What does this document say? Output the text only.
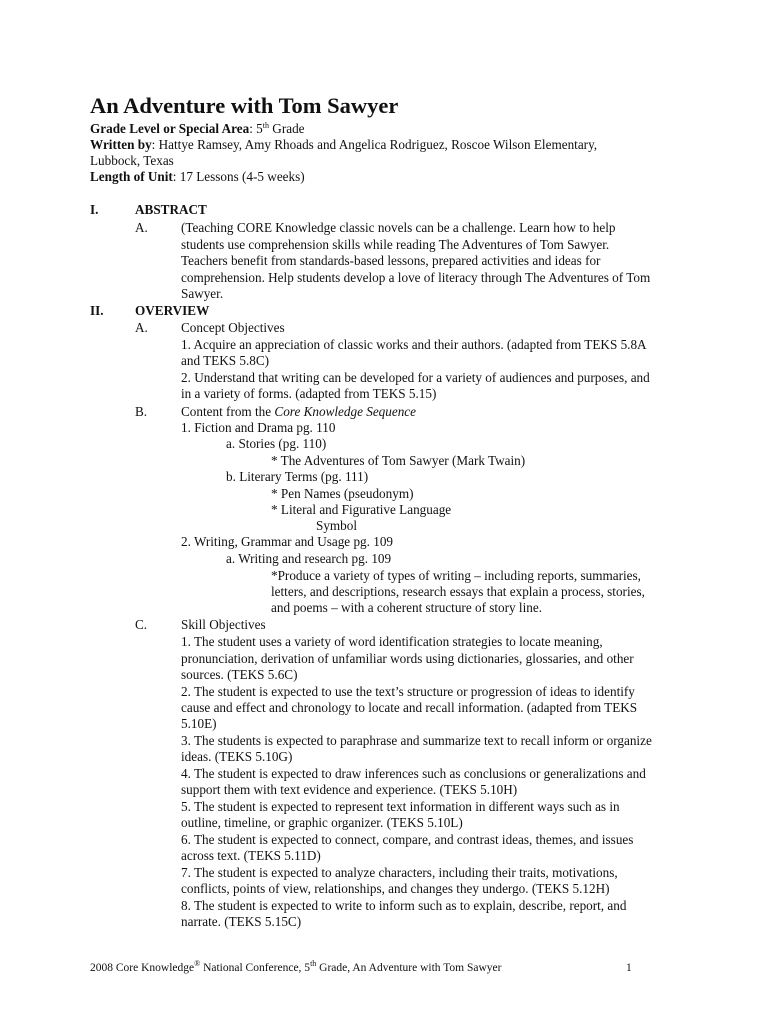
An Adventure with Tom Sawyer
Grade Level or Special Area: 5th Grade
Written by: Hattye Ramsey, Amy Rhoads and Angelica Rodriguez, Roscoe Wilson Elementary,
Lubbock, Texas
Length of Unit: 17 Lessons (4-5 weeks)
I.	ABSTRACT
A.	(Teaching CORE Knowledge classic novels can be a challenge. Learn how to help
students use comprehension skills while reading The Adventures of Tom Sawyer.
Teachers benefit from standards-based lessons, prepared activities and ideas for
comprehension. Help students develop a love of literacy through The Adventures of Tom
Sawyer.
II. OVERVIEW
A.	Concept Objectives
1. Acquire an appreciation of classic works and their authors. (adapted from TEKS 5.8A
and TEKS 5.8C)
2. Understand that writing can be developed for a variety of audiences and purposes, and
in a variety of forms. (adapted from TEKS 5.15)
B.	Content from the Core Knowledge Sequence
1. Fiction and Drama pg. 110
a. Stories (pg. 110)
* The Adventures of Tom Sawyer (Mark Twain)
b. Literary Terms (pg. 111)
* Pen Names (pseudonym)
* Literal and Figurative Language
Symbol
2. Writing, Grammar and Usage pg. 109
a. Writing and research pg. 109
*Produce a variety of types of writing – including reports, summaries,
letters, and descriptions, research essays that explain a process, stories,
and poems – with a coherent structure of story line.
C.	Skill Objectives
1. The student uses a variety of word identification strategies to locate meaning,
pronunciation, derivation of unfamiliar words using dictionaries, glossaries, and other
sources. (TEKS 5.6C)
2. The student is expected to use the text’s structure or progression of ideas to identify
cause and effect and chronology to locate and recall information. (adapted from TEKS
5.10E)
3. The students is expected to paraphrase and summarize text to recall inform or organize
ideas. (TEKS 5.10G)
4. The student is expected to draw inferences such as conclusions or generalizations and
support them with text evidence and experience. (TEKS 5.10H)
5. The student is expected to represent text information in different ways such as in
outline, timeline, or graphic organizer. (TEKS 5.10L)
6. The student is expected to connect, compare, and contrast ideas, themes, and issues
across text. (TEKS 5.11D)
7. The student is expected to analyze characters, including their traits, motivations,
conflicts, points of view, relationships, and changes they undergo. (TEKS 5.12H)
8. The student is expected to write to inform such as to explain, describe, report, and
narrate. (TEKS 5.15C)
2008 Core Knowledge® National Conference, 5th Grade, An Adventure with Tom Sawyer	1
